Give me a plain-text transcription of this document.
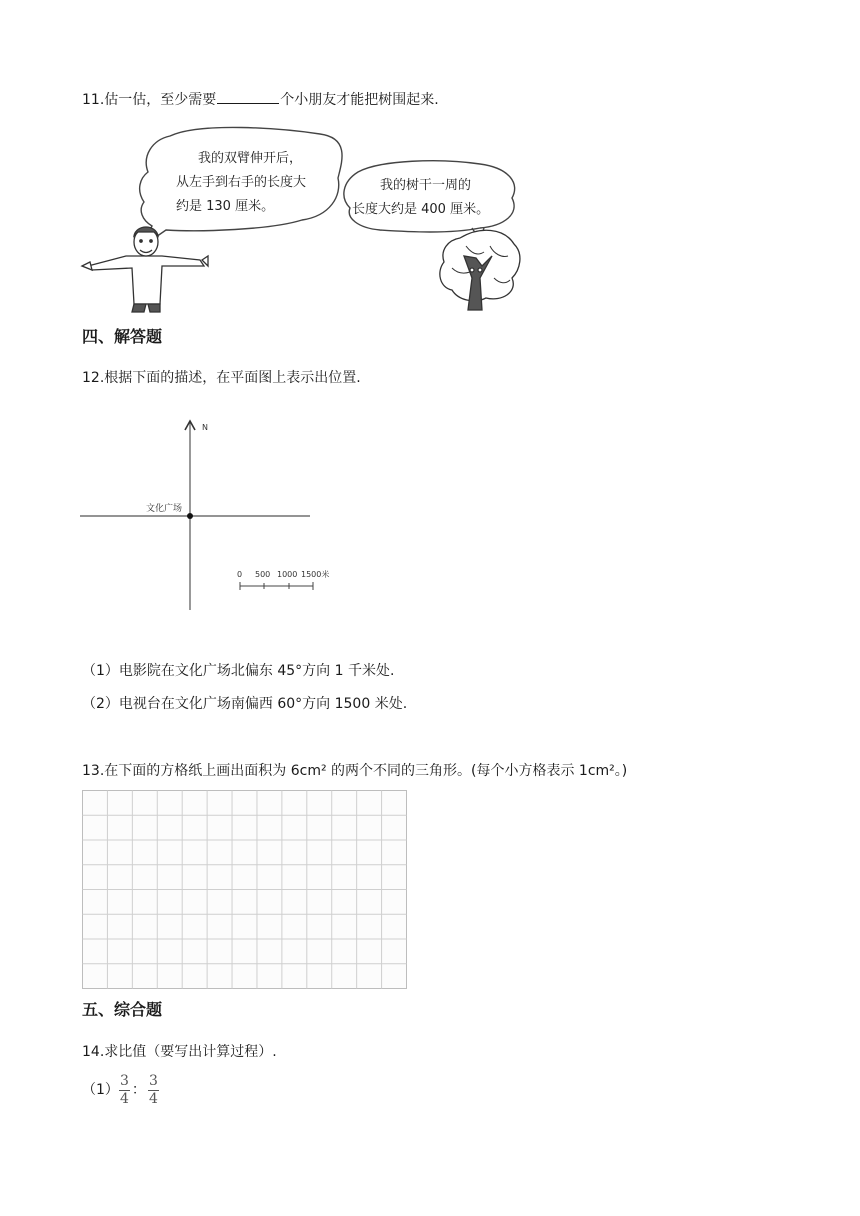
11.估一估，至少需要	个小朋友才能把树围起来.
我的双臂伸开后，
从左手到右手的长度大
约是 130 厘米。
我的树干一周的
长度大约是 400 厘米。
四、解答题
12.根据下面的描述，在平面图上表示出位置.
N
文化广场
0 500 1000 1500米
（1）电影院在文化广场北偏东 45°方向 1 千米处.
（2）电视台在文化广场南偏西 60°方向 1500 米处.
13.在下面的方格纸上画出面积为 6cm² 的两个不同的三角形。(每个小方格表示 1cm²。)
五、综合题
14.求比值（要写出计算过程）.
$(1) \frac{3}{4}$ ： $\frac{3}{4}$
